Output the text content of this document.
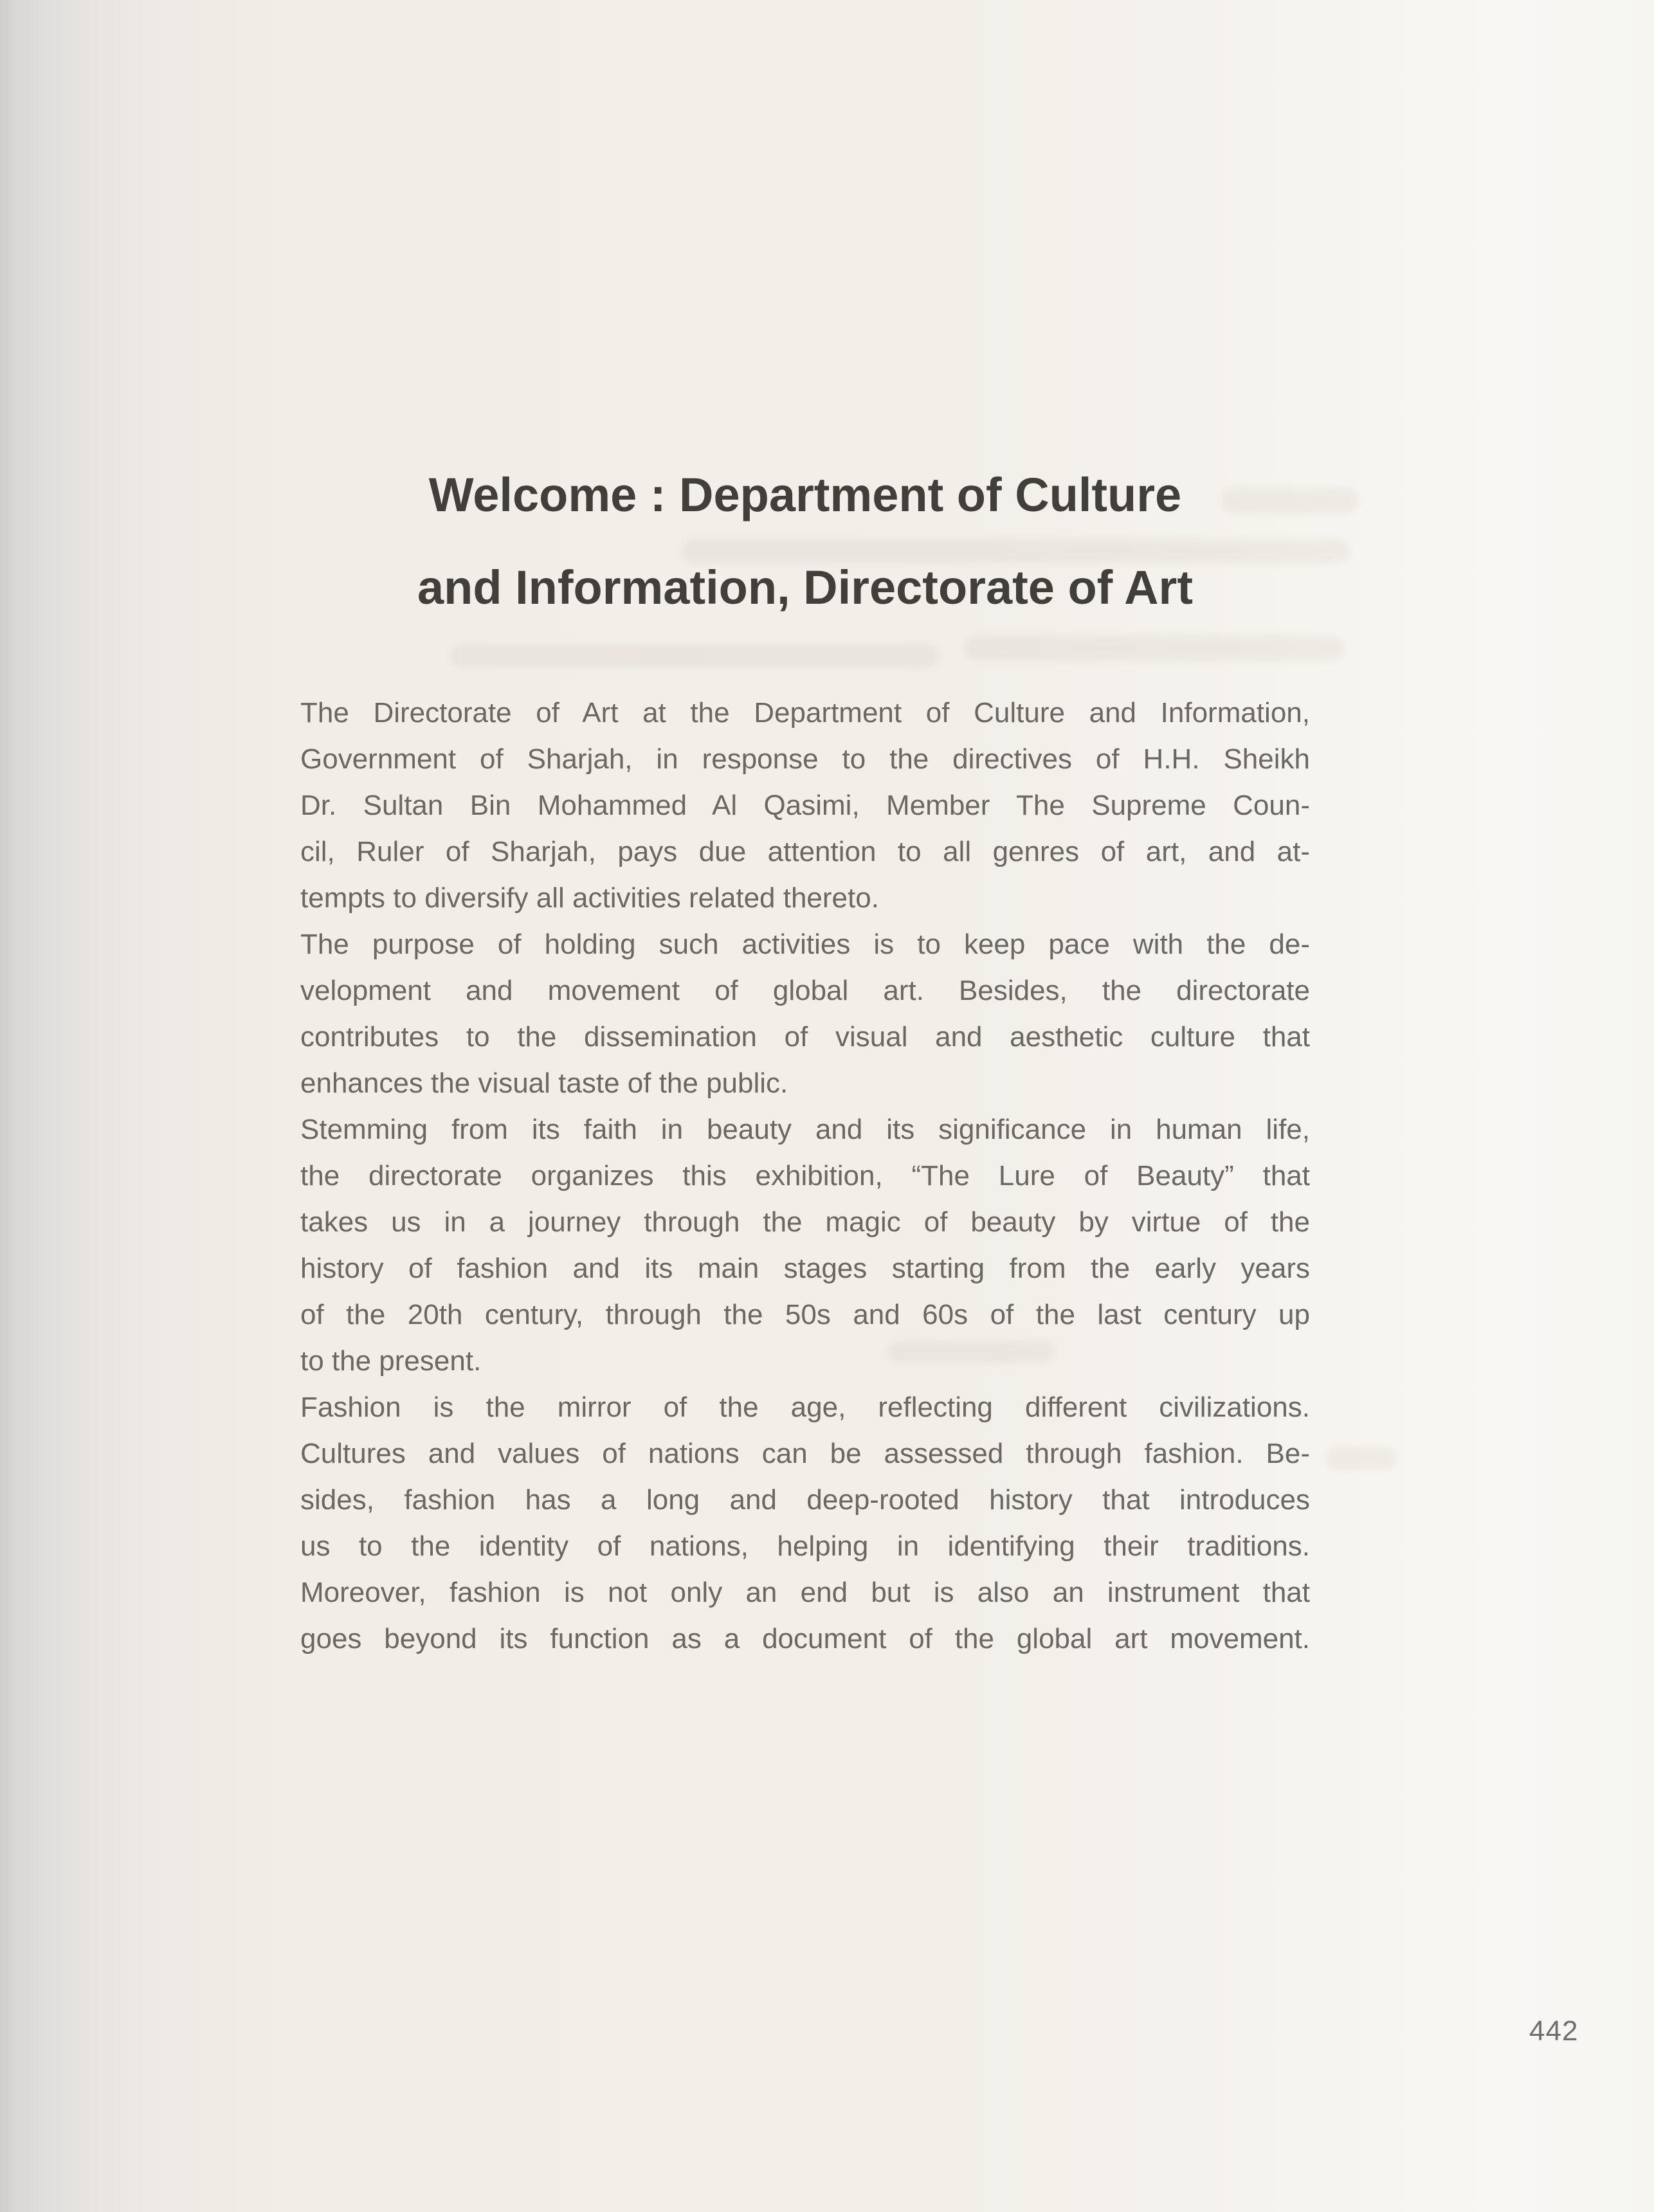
Welcome : Department of Culture
and Information, Directorate of Art
The Directorate of Art at the Department of Culture and Information,
Government of Sharjah, in response to the directives of H.H. Sheikh
Dr. Sultan Bin Mohammed Al Qasimi, Member The Supreme Coun-
cil, Ruler of Sharjah, pays due attention to all genres of art, and at-
tempts to diversify all activities related thereto.
The purpose of holding such activities is to keep pace with the de-
velopment and movement of global art. Besides, the directorate
contributes to the dissemination of visual and aesthetic culture that
enhances the visual taste of the public.
Stemming from its faith in beauty and its significance in human life,
the directorate organizes this exhibition, “The Lure of Beauty” that
takes us in a journey through the magic of beauty by virtue of the
history of fashion and its main stages starting from the early years
of the 20th century, through the 50s and 60s of the last century up
to the present.
Fashion is the mirror of the age, reflecting different civilizations.
Cultures and values of nations can be assessed through fashion. Be-
sides, fashion has a long and deep-rooted history that introduces
us to the identity of nations, helping in identifying their traditions.
Moreover, fashion is not only an end but is also an instrument that
goes beyond its function as a document of the global art movement.
442
